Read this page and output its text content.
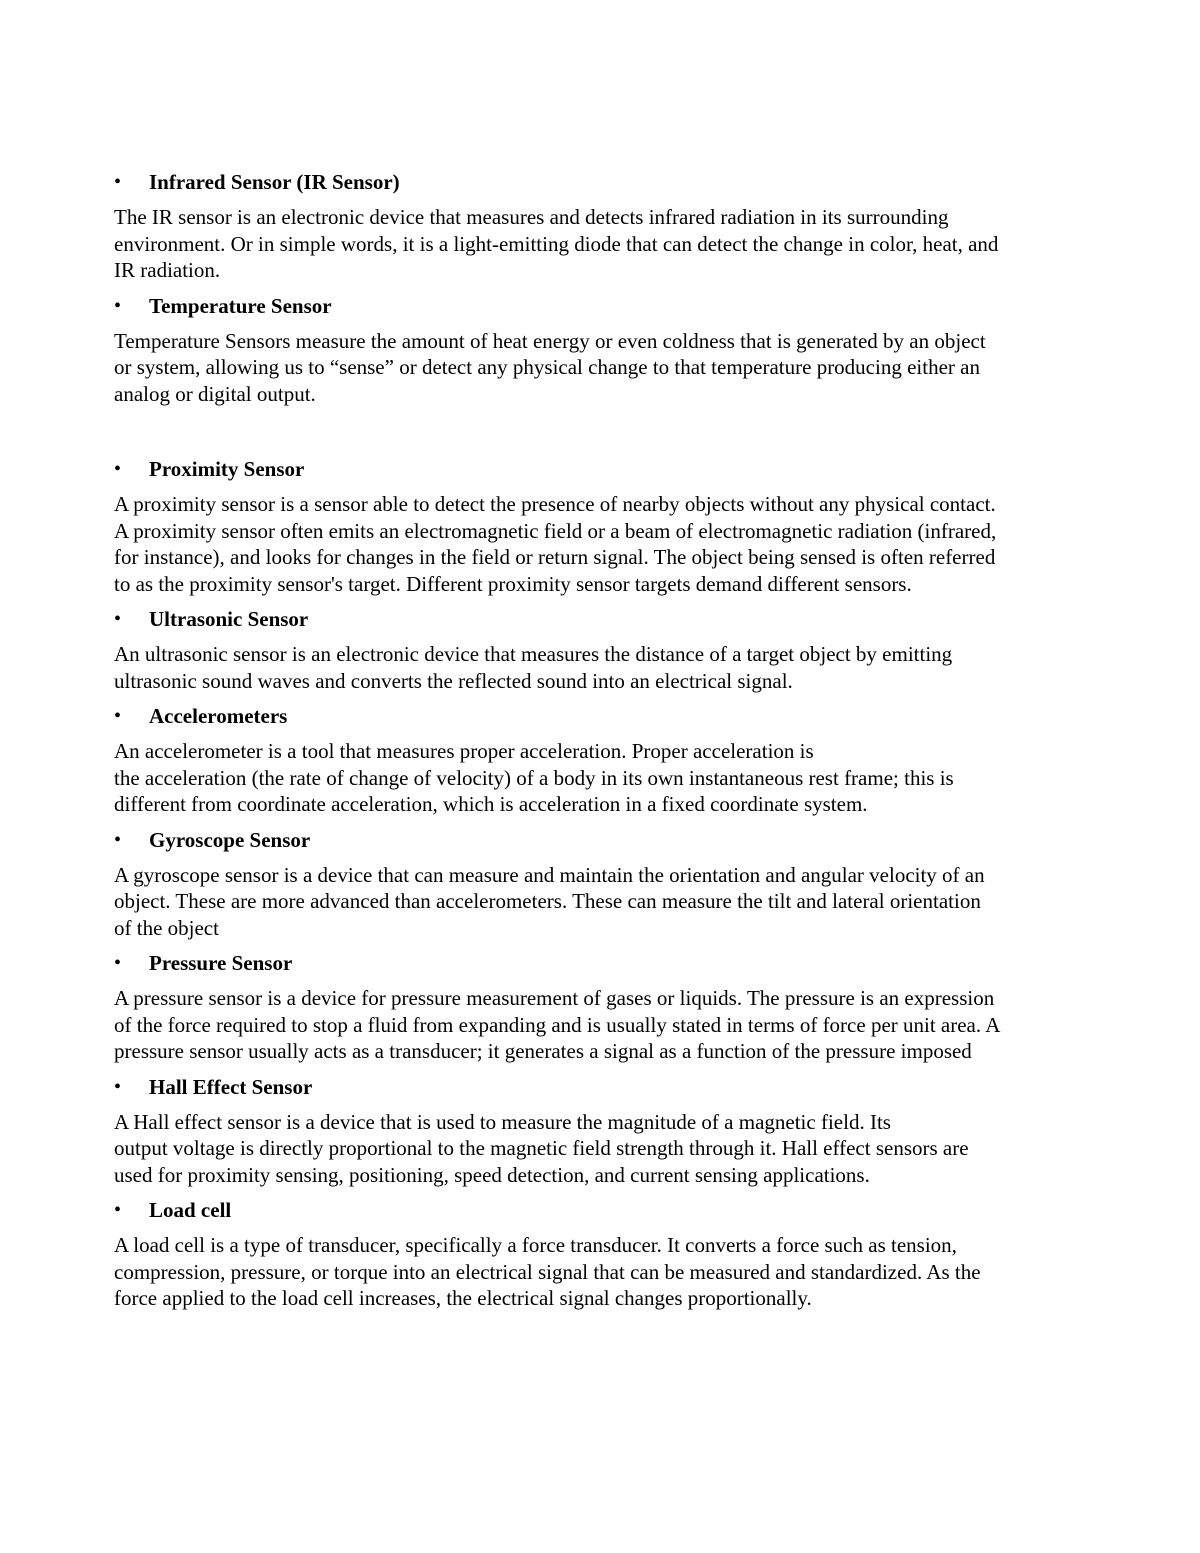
•	Infrared Sensor (IR Sensor)

The IR sensor is an electronic device that measures and detects infrared radiation in its surrounding
environment. Or in simple words, it is a light-emitting diode that can detect the change in color, heat, and
IR radiation.

•	Temperature Sensor

Temperature Sensors measure the amount of heat energy or even coldness that is generated by an object
or system, allowing us to “sense” or detect any physical change to that temperature producing either an
analog or digital output.

•	Proximity Sensor

A proximity sensor is a sensor able to detect the presence of nearby objects without any physical contact.
A proximity sensor often emits an electromagnetic field or a beam of electromagnetic radiation (infrared,
for instance), and looks for changes in the field or return signal. The object being sensed is often referred
to as the proximity sensor's target. Different proximity sensor targets demand different sensors.

•	Ultrasonic Sensor

An ultrasonic sensor is an electronic device that measures the distance of a target object by emitting
ultrasonic sound waves and converts the reflected sound into an electrical signal.

•	Accelerometers

An accelerometer is a tool that measures proper acceleration. Proper acceleration is
the acceleration (the rate of change of velocity) of a body in its own instantaneous rest frame; this is
different from coordinate acceleration, which is acceleration in a fixed coordinate system.

•	Gyroscope Sensor

A gyroscope sensor is a device that can measure and maintain the orientation and angular velocity of an
object. These are more advanced than accelerometers. These can measure the tilt and lateral orientation
of the object

•	Pressure Sensor

A pressure sensor is a device for pressure measurement of gases or liquids. The pressure is an expression
of the force required to stop a fluid from expanding and is usually stated in terms of force per unit area. A
pressure sensor usually acts as a transducer; it generates a signal as a function of the pressure imposed

•	Hall Effect Sensor

A Hall effect sensor is a device that is used to measure the magnitude of a magnetic field. Its
output voltage is directly proportional to the magnetic field strength through it. Hall effect sensors are
used for proximity sensing, positioning, speed detection, and current sensing applications.

•	Load cell

A load cell is a type of transducer, specifically a force transducer. It converts a force such as tension,
compression, pressure, or torque into an electrical signal that can be measured and standardized. As the
force applied to the load cell increases, the electrical signal changes proportionally.
